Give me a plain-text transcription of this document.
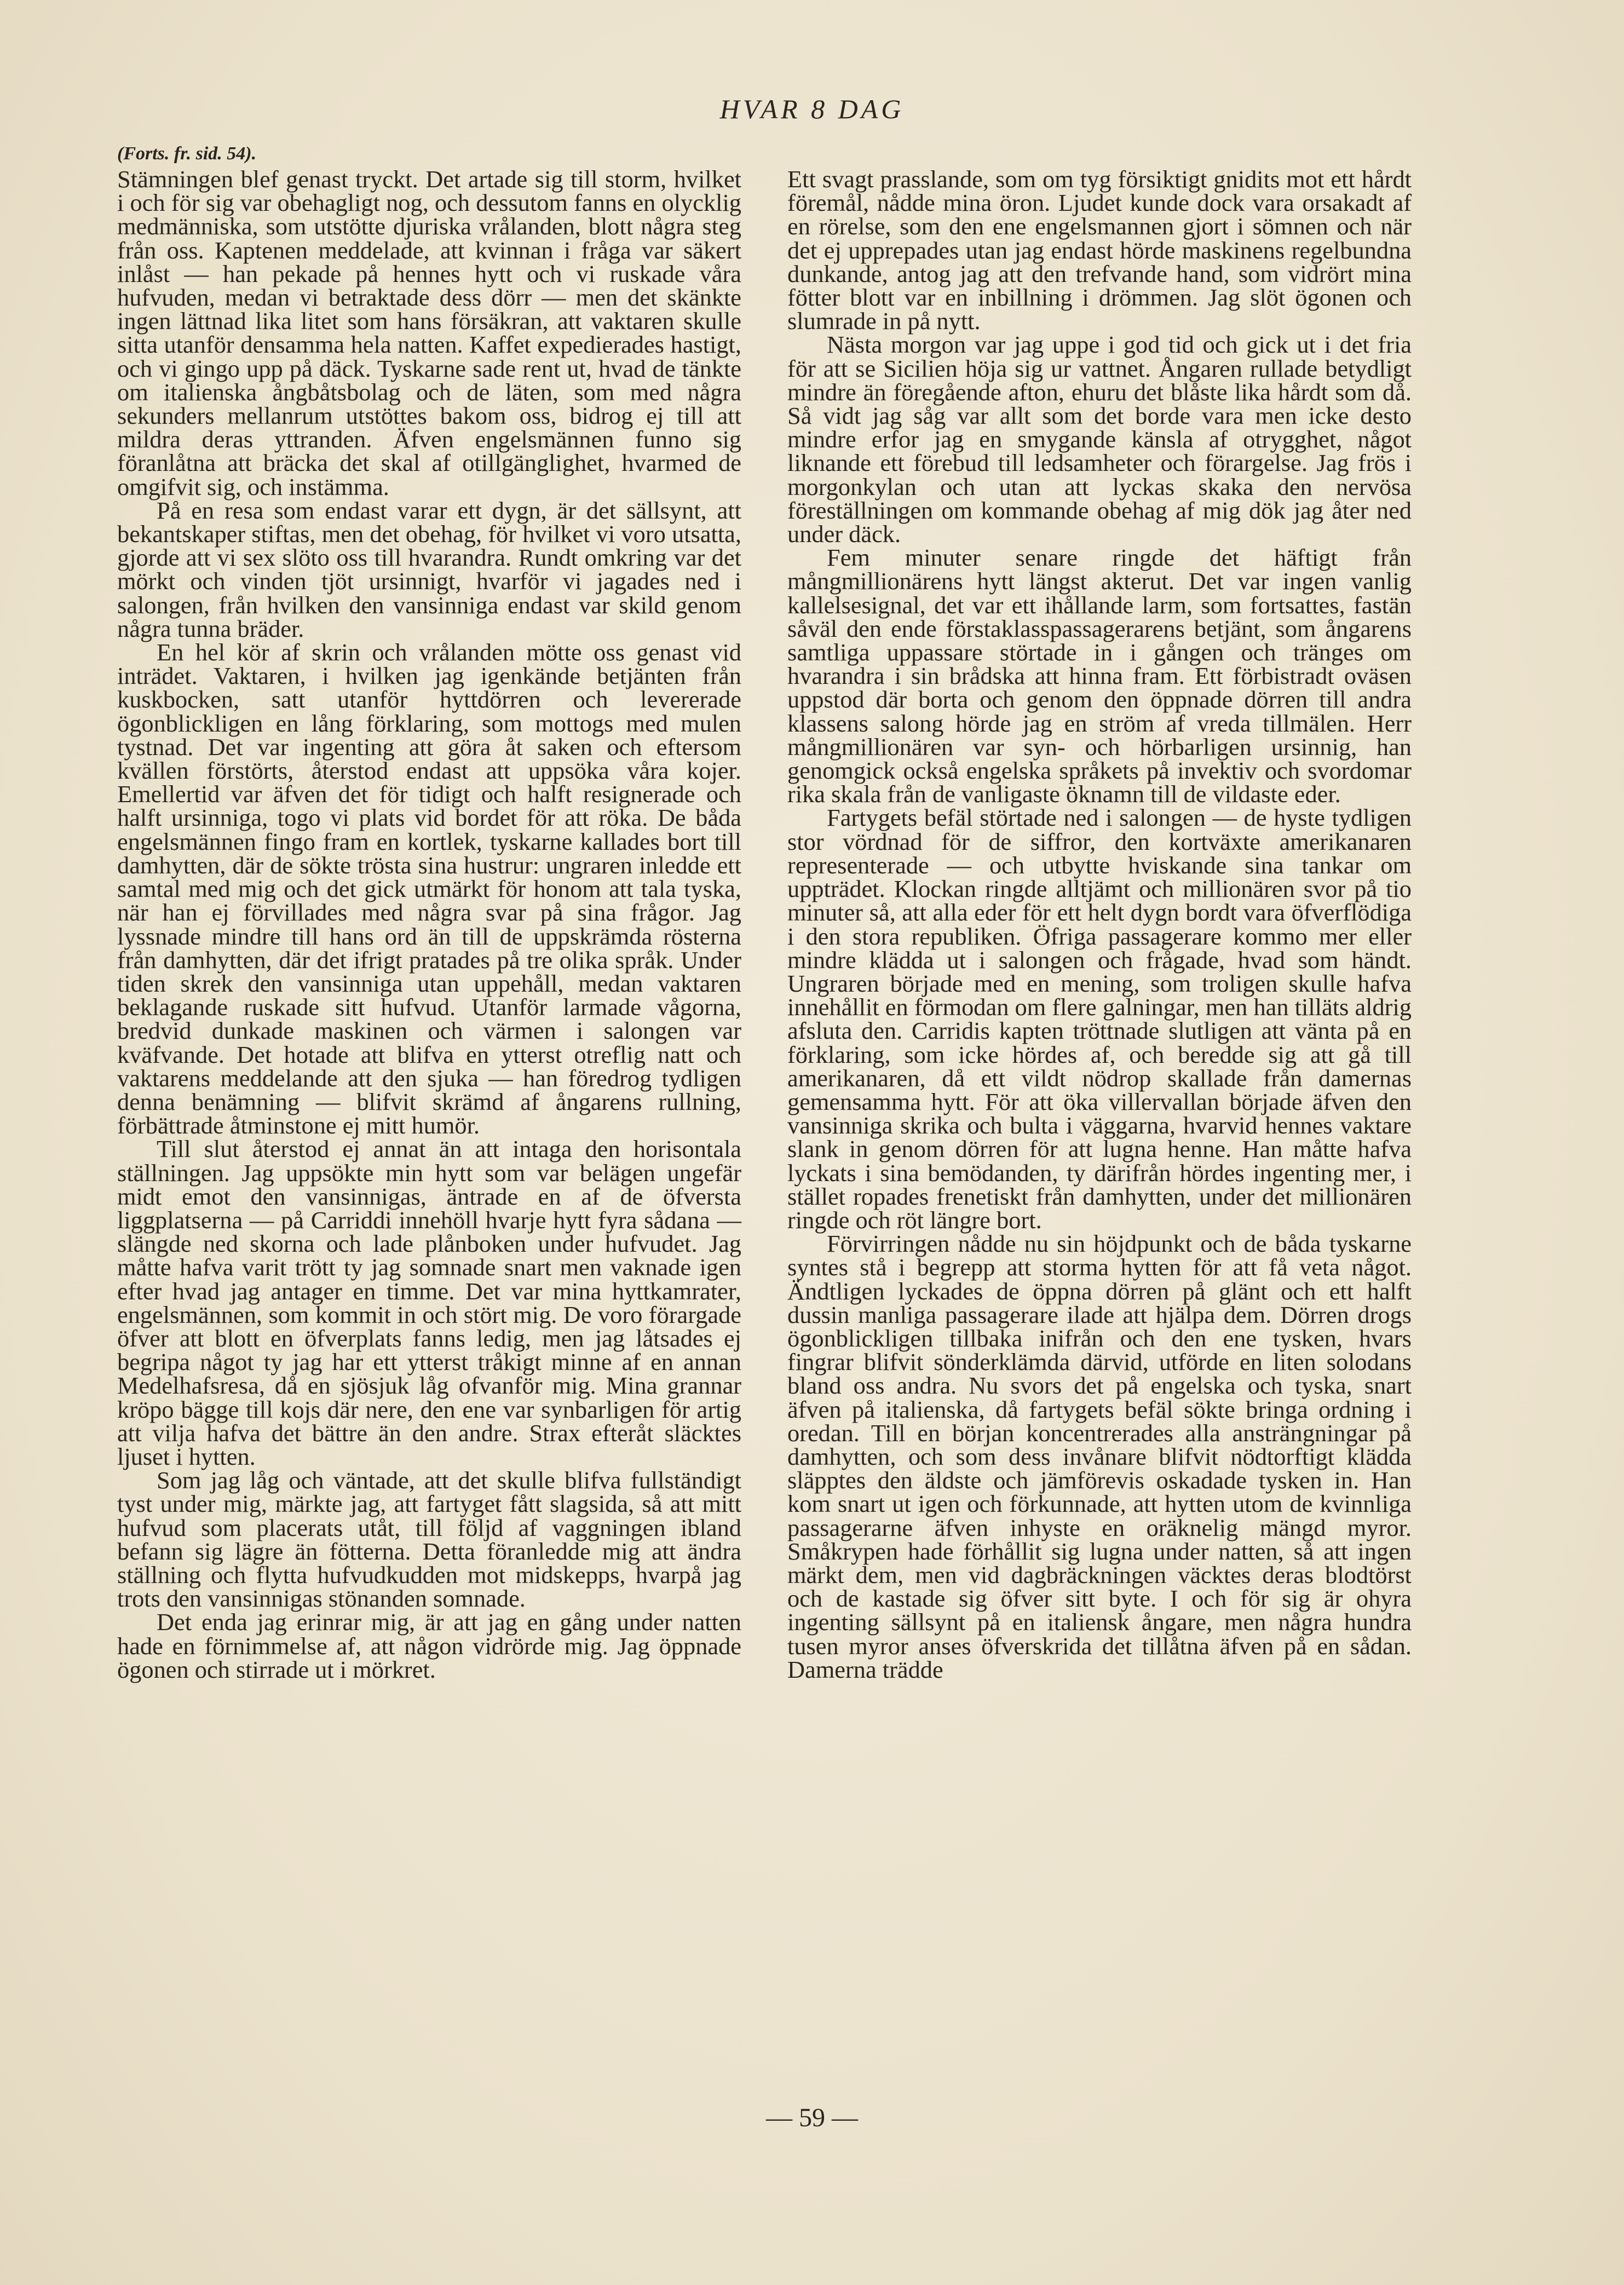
HVAR 8 DAG
(Forts. fr. sid. 54).

Stämningen blef genast tryckt. Det artade sig till storm, hvilket i och för sig var obehagligt nog, och dessutom fanns en olycklig medmänniska, som utstötte djuriska vrålanden, blott några steg från oss. Kaptenen meddelade, att kvinnan i fråga var säkert inlåst — han pekade på hennes hytt och vi ruskade våra hufvuden, medan vi betraktade dess dörr — men det skänkte ingen lättnad lika litet som hans försäkran, att vaktaren skulle sitta utanför densamma hela natten. Kaffet expedierades hastigt, och vi gingo upp på däck. Tyskarne sade rent ut, hvad de tänkte om italienska ångbåtsbolag och de läten, som med några sekunders mellanrum utstöttes bakom oss, bidrog ej till att mildra deras yttranden. Äfven engelsmännen funno sig föranlåtna att bräcka det skal af otillgänglighet, hvarmed de omgifvit sig, och instämma.

På en resa som endast varar ett dygn, är det sällsynt, att bekantskaper stiftas, men det obehag, för hvilket vi voro utsatta, gjorde att vi sex slöto oss till hvarandra. Rundt omkring var det mörkt och vinden tjöt ursinnigt, hvarför vi jagades ned i salongen, från hvilken den vansinniga endast var skild genom några tunna bräder.

En hel kör af skrin och vrålanden mötte oss genast vid inträdet. Vaktaren, i hvilken jag igenkände betjänten från kuskbocken, satt utanför hyttdörren och levererade ögonblickligen en lång förklaring, som mottogs med mulen tystnad. Det var ingenting att göra åt saken och eftersom kvällen förstörts, återstod endast att uppsöka våra kojer. Emellertid var äfven det för tidigt och halft resignerade och halft ursinniga, togo vi plats vid bordet för att röka. De båda engelsmännen fingo fram en kortlek, tyskarne kallades bort till damhytten, där de sökte trösta sina hustrur: ungraren inledde ett samtal med mig och det gick utmärkt för honom att tala tyska, när han ej förvillades med några svar på sina frågor. Jag lyssnade mindre till hans ord än till de uppskrämda rösterna från damhytten, där det ifrigt pratades på tre olika språk. Under tiden skrek den vansinniga utan uppehåll, medan vaktaren beklagande ruskade sitt hufvud. Utanför larmade vågorna, bredvid dunkade maskinen och värmen i salongen var kväfvande. Det hotade att blifva en ytterst otreflig natt och vaktarens meddelande att den sjuka — han föredrog tydligen denna benämning — blifvit skrämd af ångarens rullning, förbättrade åtminstone ej mitt humör.

Till slut återstod ej annat än att intaga den horisontala ställningen. Jag uppsökte min hytt som var belägen ungefär midt emot den vansinnigas, äntrade en af de öfversta liggplatserna — på Carriddi innehöll hvarje hytt fyra sådana — slängde ned skorna och lade plånboken under hufvudet. Jag måtte hafva varit trött ty jag somnade snart men vaknade igen efter hvad jag antager en timme. Det var mina hyttkamrater, engelsmännen, som kommit in och stört mig. De voro förargade öfver att blott en öfverplats fanns ledig, men jag låtsades ej begripa något ty jag har ett ytterst tråkigt minne af en annan Medelhafsresa, då en sjösjuk låg ofvanför mig. Mina grannar kröpo bägge till kojs där nere, den ene var synbarligen för artig att vilja hafva det bättre än den andre. Strax efteråt släcktes ljuset i hytten.

Som jag låg och väntade, att det skulle blifva fullständigt tyst under mig, märkte jag, att fartyget fått slagsida, så att mitt hufvud som placerats utåt, till följd af vaggningen ibland befann sig lägre än fötterna. Detta föranledde mig att ändra ställning och flytta hufvudkudden mot midskepps, hvarpå jag trots den vansinnigas stönanden somnade.

Det enda jag erinrar mig, är att jag en gång under natten hade en förnimmelse af, att någon vidrörde mig. Jag öppnade ögonen och stirrade ut i mörkret.

Ett svagt prasslande, som om tyg försiktigt gnidits mot ett hårdt föremål, nådde mina öron. Ljudet kunde dock vara orsakadt af en rörelse, som den ene engelsmannen gjort i sömnen och när det ej upprepades utan jag endast hörde maskinens regelbundna dunkande, antog jag att den trefvande hand, som vidrört mina fötter blott var en inbillning i drömmen. Jag slöt ögonen och slumrade in på nytt.

Nästa morgon var jag uppe i god tid och gick ut i det fria för att se Sicilien höja sig ur vattnet. Ångaren rullade betydligt mindre än föregående afton, ehuru det blåste lika hårdt som då. Så vidt jag såg var allt som det borde vara men icke desto mindre erfor jag en smygande känsla af otrygghet, något liknande ett förebud till ledsamheter och förargelse. Jag frös i morgonkylan och utan att lyckas skaka den nervösa föreställningen om kommande obehag af mig dök jag åter ned under däck.

Fem minuter senare ringde det häftigt från mångmillionärens hytt längst akterut. Det var ingen vanlig kallelsesignal, det var ett ihållande larm, som fortsattes, fastän såväl den ende förstaklasspassagerarens betjänt, som ångarens samtliga uppassare störtade in i gången och tränges om hvarandra i sin brådska att hinna fram. Ett förbistradt oväsen uppstod där borta och genom den öppnade dörren till andra klassens salong hörde jag en ström af vreda tillmälen. Herr mångmillionären var syn- och hörbarligen ursinnig, han genomgick också engelska språkets på invektiv och svordomar rika skala från de vanligaste öknamn till de vildaste eder.

Fartygets befäl störtade ned i salongen — de hyste tydligen stor vördnad för de siffror, den kortväxte amerikanaren representerade — och utbytte hviskande sina tankar om uppträdet. Klockan ringde alltjämt och millionären svor på tio minuter så, att alla eder för ett helt dygn bordt vara öfverflödiga i den stora republiken. Öfriga passagerare kommo mer eller mindre klädda ut i salongen och frågade, hvad som händt. Ungraren började med en mening, som troligen skulle hafva innehållit en förmodan om flere galningar, men han tilläts aldrig afsluta den. Carridis kapten tröttnade slutligen att vänta på en förklaring, som icke hördes af, och beredde sig att gå till amerikanaren, då ett vildt nödrop skallade från damernas gemensamma hytt. För att öka villervallan började äfven den vansinniga skrika och bulta i väggarna, hvarvid hennes vaktare slank in genom dörren för att lugna henne. Han måtte hafva lyckats i sina bemödanden, ty därifrån hördes ingenting mer, i stället ropades frenetiskt från damhytten, under det millionären ringde och röt längre bort.

Förvirringen nådde nu sin höjdpunkt och de båda tyskarne syntes stå i begrepp att storma hytten för att få veta något. Ändtligen lyckades de öppna dörren på glänt och ett halft dussin manliga passagerare ilade att hjälpa dem. Dörren drogs ögonblickligen tillbaka inifrån och den ene tysken, hvars fingrar blifvit sönderklämda därvid, utförde en liten solodans bland oss andra. Nu svors det på engelska och tyska, snart äfven på italienska, då fartygets befäl sökte bringa ordning i oredan. Till en början koncentrerades alla ansträngningar på damhytten, och som dess invånare blifvit nödtorftigt klädda släpptes den äldste och jämförevis oskadade tysken in. Han kom snart ut igen och förkunnade, att hytten utom de kvinnliga passagerarne äfven inhyste en oräknelig mängd myror. Småkrypen hade förhållit sig lugna under natten, så att ingen märkt dem, men vid dagbräckningen väcktes deras blodtörst och de kastade sig öfver sitt byte. I och för sig är ohyra ingenting sällsynt på en italiensk ångare, men några hundra tusen myror anses öfverskrida det tillåtna äfven på en sådan. Damerna trädde

— 59 —
